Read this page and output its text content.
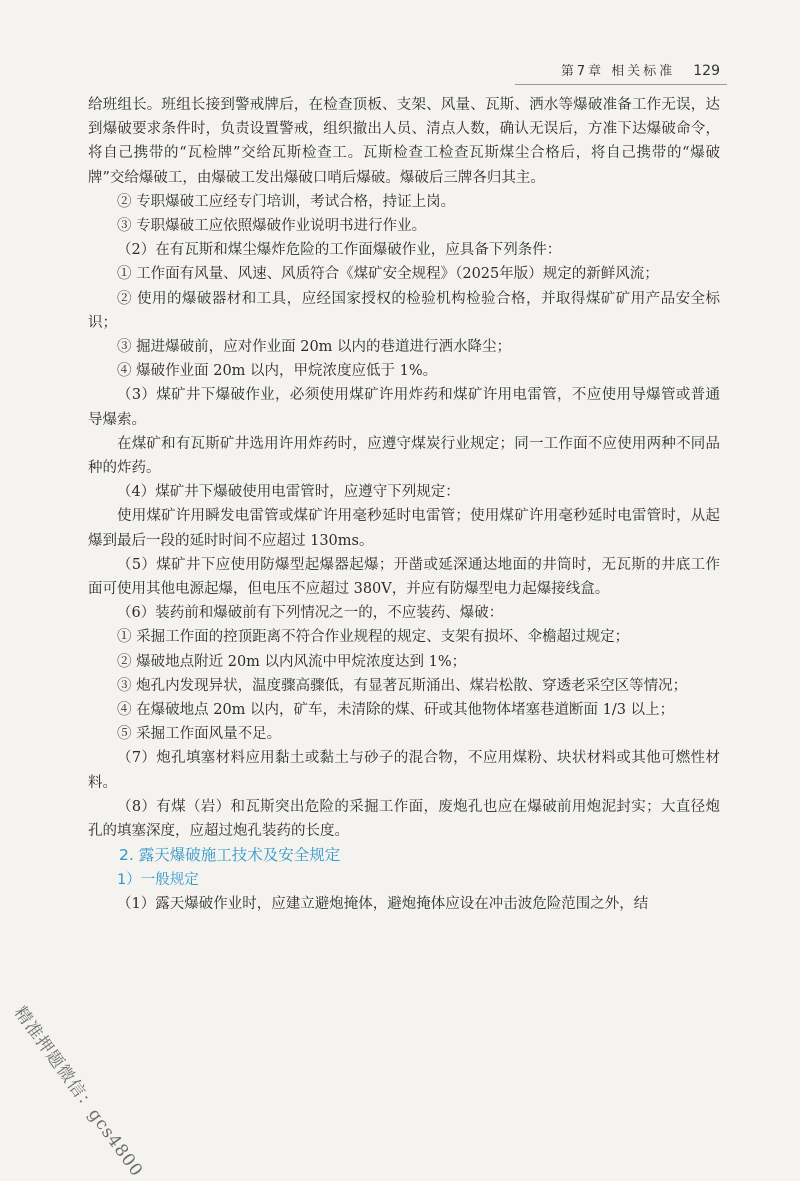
第7章 相关标准 129

给班组长。班组长接到警戒牌后，在检查顶板、支架、风量、瓦斯、洒水等爆破准备工作无误，达到爆破要求条件时，负责设置警戒，组织撤出人员、清点人数，确认无误后，方准下达爆破命令，将自己携带的“瓦检牌”交给瓦斯检查工。瓦斯检查工检查瓦斯煤尘合格后，将自己携带的“爆破牌”交给爆破工，由爆破工发出爆破口哨后爆破。爆破后三牌各归其主。

② 专职爆破工应经专门培训，考试合格，持证上岗。

③ 专职爆破工应依照爆破作业说明书进行作业。

（2）在有瓦斯和煤尘爆炸危险的工作面爆破作业，应具备下列条件：

① 工作面有风量、风速、风质符合《煤矿安全规程》（2025年版）规定的新鲜风流；

② 使用的爆破器材和工具，应经国家授权的检验机构检验合格，并取得煤矿矿用产品安全标识；

③ 掘进爆破前，应对作业面 20m 以内的巷道进行洒水降尘；

④ 爆破作业面 20m 以内，甲烷浓度应低于 1%。

（3）煤矿井下爆破作业，必须使用煤矿许用炸药和煤矿许用电雷管，不应使用导爆管或普通导爆索。

在煤矿和有瓦斯矿井选用许用炸药时，应遵守煤炭行业规定；同一工作面不应使用两种不同品种的炸药。

（4）煤矿井下爆破使用电雷管时，应遵守下列规定：

使用煤矿许用瞬发电雷管或煤矿许用毫秒延时电雷管；使用煤矿许用毫秒延时电雷管时，从起爆到最后一段的延时时间不应超过 130ms。

（5）煤矿井下应使用防爆型起爆器起爆；开凿或延深通达地面的井筒时，无瓦斯的井底工作面可使用其他电源起爆，但电压不应超过 380V，并应有防爆型电力起爆接线盒。

（6）装药前和爆破前有下列情况之一的，不应装药、爆破：

① 采掘工作面的控顶距离不符合作业规程的规定、支架有损坏、伞檐超过规定；

② 爆破地点附近 20m 以内风流中甲烷浓度达到 1%；

③ 炮孔内发现异状，温度骤高骤低，有显著瓦斯涌出、煤岩松散、穿透老采空区等情况；

④ 在爆破地点 20m 以内，矿车，未清除的煤、矸或其他物体堵塞巷道断面 1/3 以上；

⑤ 采掘工作面风量不足。

（7）炮孔填塞材料应用黏土或黏土与砂子的混合物，不应用煤粉、块状材料或其他可燃性材料。

（8）有煤（岩）和瓦斯突出危险的采掘工作面，废炮孔也应在爆破前用炮泥封实；大直径炮孔的填塞深度，应超过炮孔装药的长度。

2. 露天爆破施工技术及安全规定

1）一般规定

（1）露天爆破作业时，应建立避炮掩体，避炮掩体应设在冲击波危险范围之外，结

精准押题微信：gcs4800
